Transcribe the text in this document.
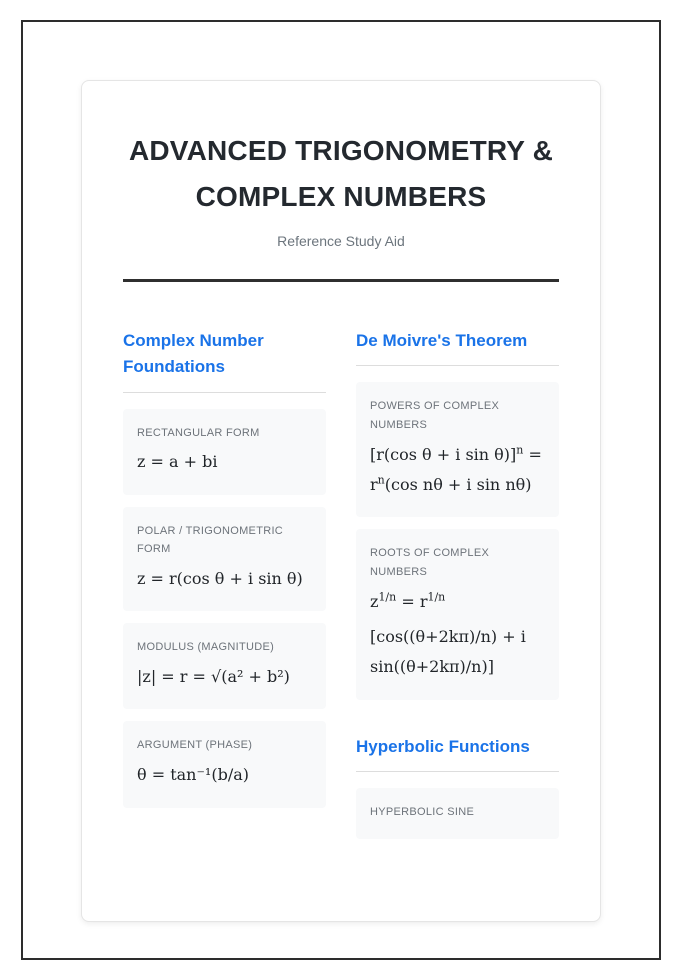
ADVANCED TRIGONOMETRY & COMPLEX NUMBERS
Reference Study Aid
Complex Number Foundations
RECTANGULAR FORM
z = a + bi
POLAR / TRIGONOMETRIC FORM
z = r(cos θ + i sin θ)
MODULUS (MAGNITUDE)
|z| = r = √(a² + b²)
ARGUMENT (PHASE)
θ = tan⁻¹(b/a)
De Moivre's Theorem
POWERS OF COMPLEX NUMBERS
[r(cos θ + i $\sin \theta)]^n = r^n(\cos$ nθ + i sin nθ)
ROOTS OF COMPLEX NUMBERS
$z^{1/n} = r^{1/n}$
[cos((θ+2kπ)/n) + i sin((θ+2kπ)/n)]
Hyperbolic Functions
HYPERBOLIC SINE
